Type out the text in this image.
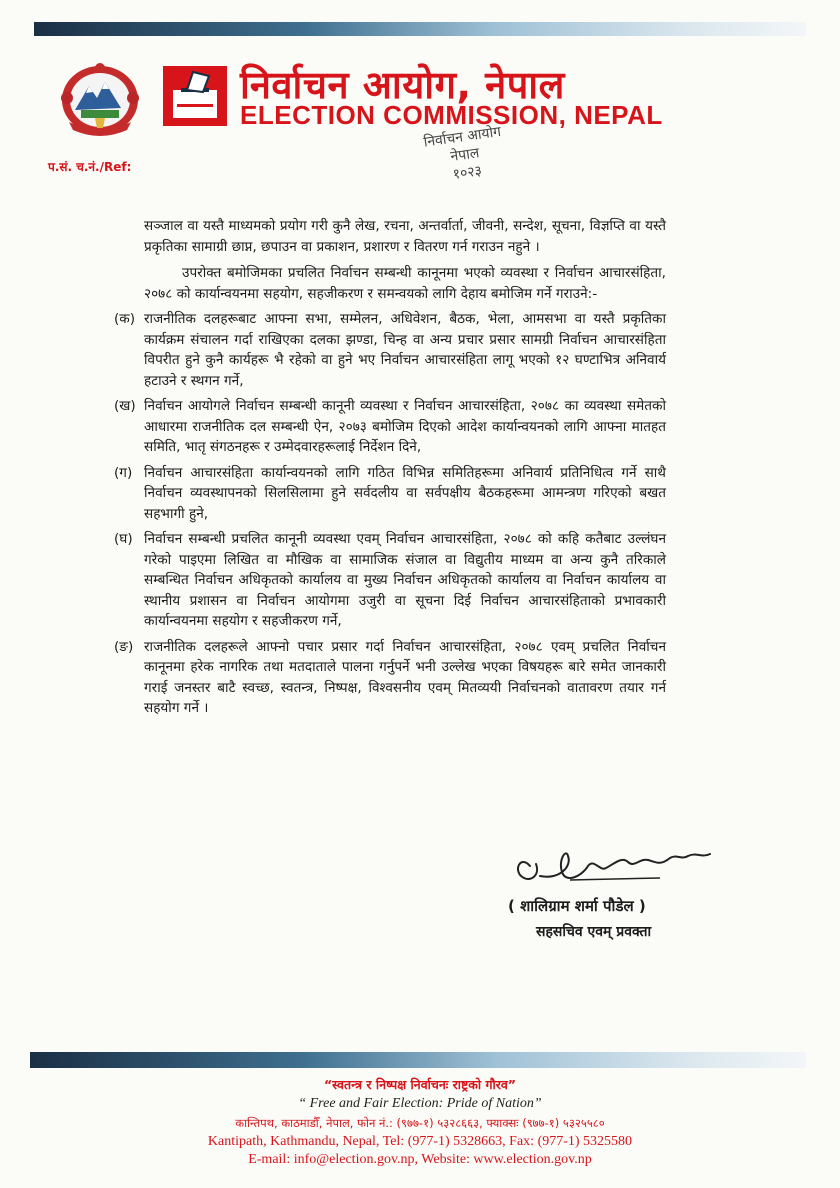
निर्वाचन आयोग, नेपाल
ELECTION COMMISSION, NEPAL
प.सं. च.नं./Ref:
निर्वाचन आयोग
नेपाल
१०२३

सञ्जाल वा यस्तै माध्यमको प्रयोग गरी कुनै लेख, रचना, अन्तर्वार्ता, जीवनी, सन्देश, सूचना, विज्ञप्ति वा यस्तै प्रकृतिका सामाग्री छाप्न, छपाउन वा प्रकाशन, प्रशारण र वितरण गर्न गराउन नहुने ।

उपरोक्त बमोजिमका प्रचलित निर्वाचन सम्बन्धी कानूनमा भएको व्यवस्था र निर्वाचन आचारसंहिता, २०७८ को कार्यान्वयनमा सहयोग, सहजीकरण र समन्वयको लागि देहाय बमोजिम गर्ने गराउने:-

(क) राजनीतिक दलहरूबाट आफ्ना सभा, सम्मेलन, अधिवेशन, बैठक, भेला, आमसभा वा यस्तै प्रकृतिका कार्यक्रम संचालन गर्दा राखिएका दलका झण्डा, चिन्ह वा अन्य प्रचार प्रसार सामग्री निर्वाचन आचारसंहिता विपरीत हुने कुनै कार्यहरू भै रहेको वा हुने भए निर्वाचन आचारसंहिता लागू भएको १२ घण्टाभित्र अनिवार्य हटाउने र स्थगन गर्ने,
(ख) निर्वाचन आयोगले निर्वाचन सम्बन्धी कानूनी व्यवस्था र निर्वाचन आचारसंहिता, २०७८ का व्यवस्था समेतको आधारमा राजनीतिक दल सम्बन्धी ऐन, २०७३ बमोजिम दिएको आदेश कार्यान्वयनको लागि आफ्ना मातहत समिति, भातृ संगठनहरू र उम्मेदवारहरूलाई निर्देशन दिने,
(ग) निर्वाचन आचारसंहिता कार्यान्वयनको लागि गठित विभिन्न समितिहरूमा अनिवार्य प्रतिनिधित्व गर्ने साथै निर्वाचन व्यवस्थापनको सिलसिलामा हुने सर्वदलीय वा सर्वपक्षीय बैठकहरूमा आमन्त्रण गरिएको बखत सहभागी हुने,
(घ) निर्वाचन सम्बन्धी प्रचलित कानूनी व्यवस्था एवम् निर्वाचन आचारसंहिता, २०७८ को कहि कतैबाट उल्लंघन गरेको पाइएमा लिखित वा मौखिक वा सामाजिक संजाल वा विद्युतीय माध्यम वा अन्य कुनै तरिकाले सम्बन्धित निर्वाचन अधिकृतको कार्यालय वा मुख्य निर्वाचन अधिकृतको कार्यालय वा निर्वाचन कार्यालय वा स्थानीय प्रशासन वा निर्वाचन आयोगमा उजुरी वा सूचना दिई निर्वाचन आचारसंहिताको प्रभावकारी कार्यान्वयनमा सहयोग र सहजीकरण गर्ने,
(ङ) राजनीतिक दलहरूले आफ्नो पचार प्रसार गर्दा निर्वाचन आचारसंहिता, २०७८ एवम् प्रचलित निर्वाचन कानूनमा हरेक नागरिक तथा मतदाताले पालना गर्नुपर्ने भनी उल्लेख भएका विषयहरू बारे समेत जानकारी गराई जनस्तर बाटै स्वच्छ, स्वतन्त्र, निष्पक्ष, विश्वसनीय एवम् मितव्ययी निर्वाचनको वातावरण तयार गर्न सहयोग गर्ने ।
( शालिग्राम शर्मा पौडेल )
सहसचिव एवम् प्रवक्ता
“स्वतन्त्र र निष्पक्ष निर्वाचनः राष्ट्रको गौरव”
“ Free and Fair Election: Pride of Nation”
कान्तिपथ, काठमाडौँ, नेपाल, फोन नं.: (९७७-१) ५३२८६६३, फ्याक्सः (९७७-१) ५३२५५८०
Kantipath, Kathmandu, Nepal, Tel: (977-1) 5328663, Fax: (977-1) 5325580
E-mail: info@election.gov.np, Website: www.election.gov.np
